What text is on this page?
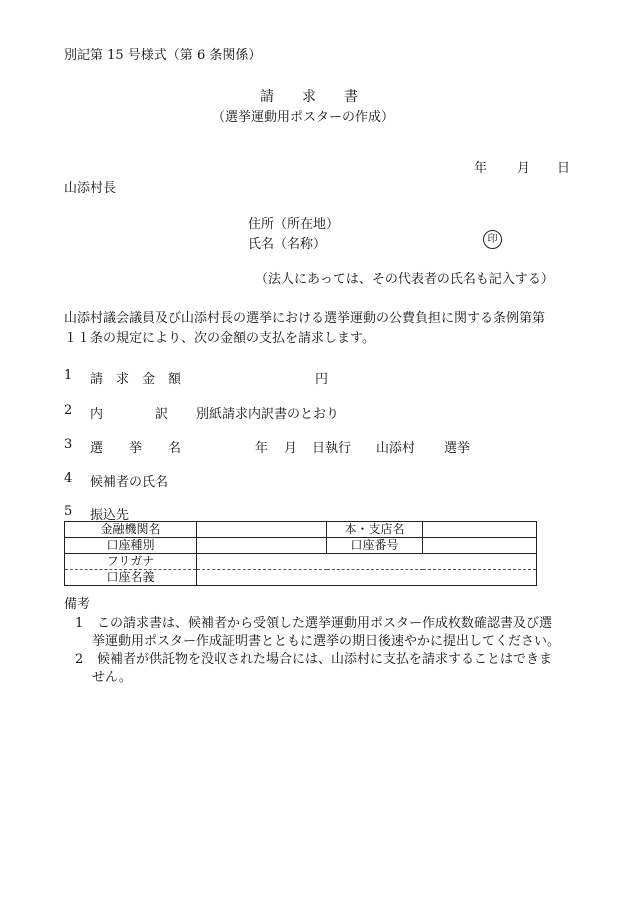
別記第 15 号様式（第 6 条関係）
請　　求　　書
（選挙運動用ポスターの作成）
年 月 日
山添村長
住所（所在地）
氏名（名称）	印
（法人にあっては、その代表者の氏名も記入する）
山添村議会議員及び山添村長の選挙における選挙運動の公費負担に関する条例第第
１１条の規定により、次の金額の支払を請求します。
1 請　求　金　額	円
2 内　　　　訳 別紙請求内訳書のとおり
3 選　　挙　　名	年 月 日執行 山添村 選挙
4 候補者の氏名
5 振込先
金融機関名		本・支店名	
口座種別		口座番号	
フリガナ			
口座名義			
備考
1 この請求書は、候補者から受領した選挙運動用ポスター作成枚数確認書及び選
挙運動用ポスター作成証明書とともに選挙の期日後速やかに提出してください。
2 候補者が供託物を没収された場合には、山添村に支払を請求することはできま
せん。
